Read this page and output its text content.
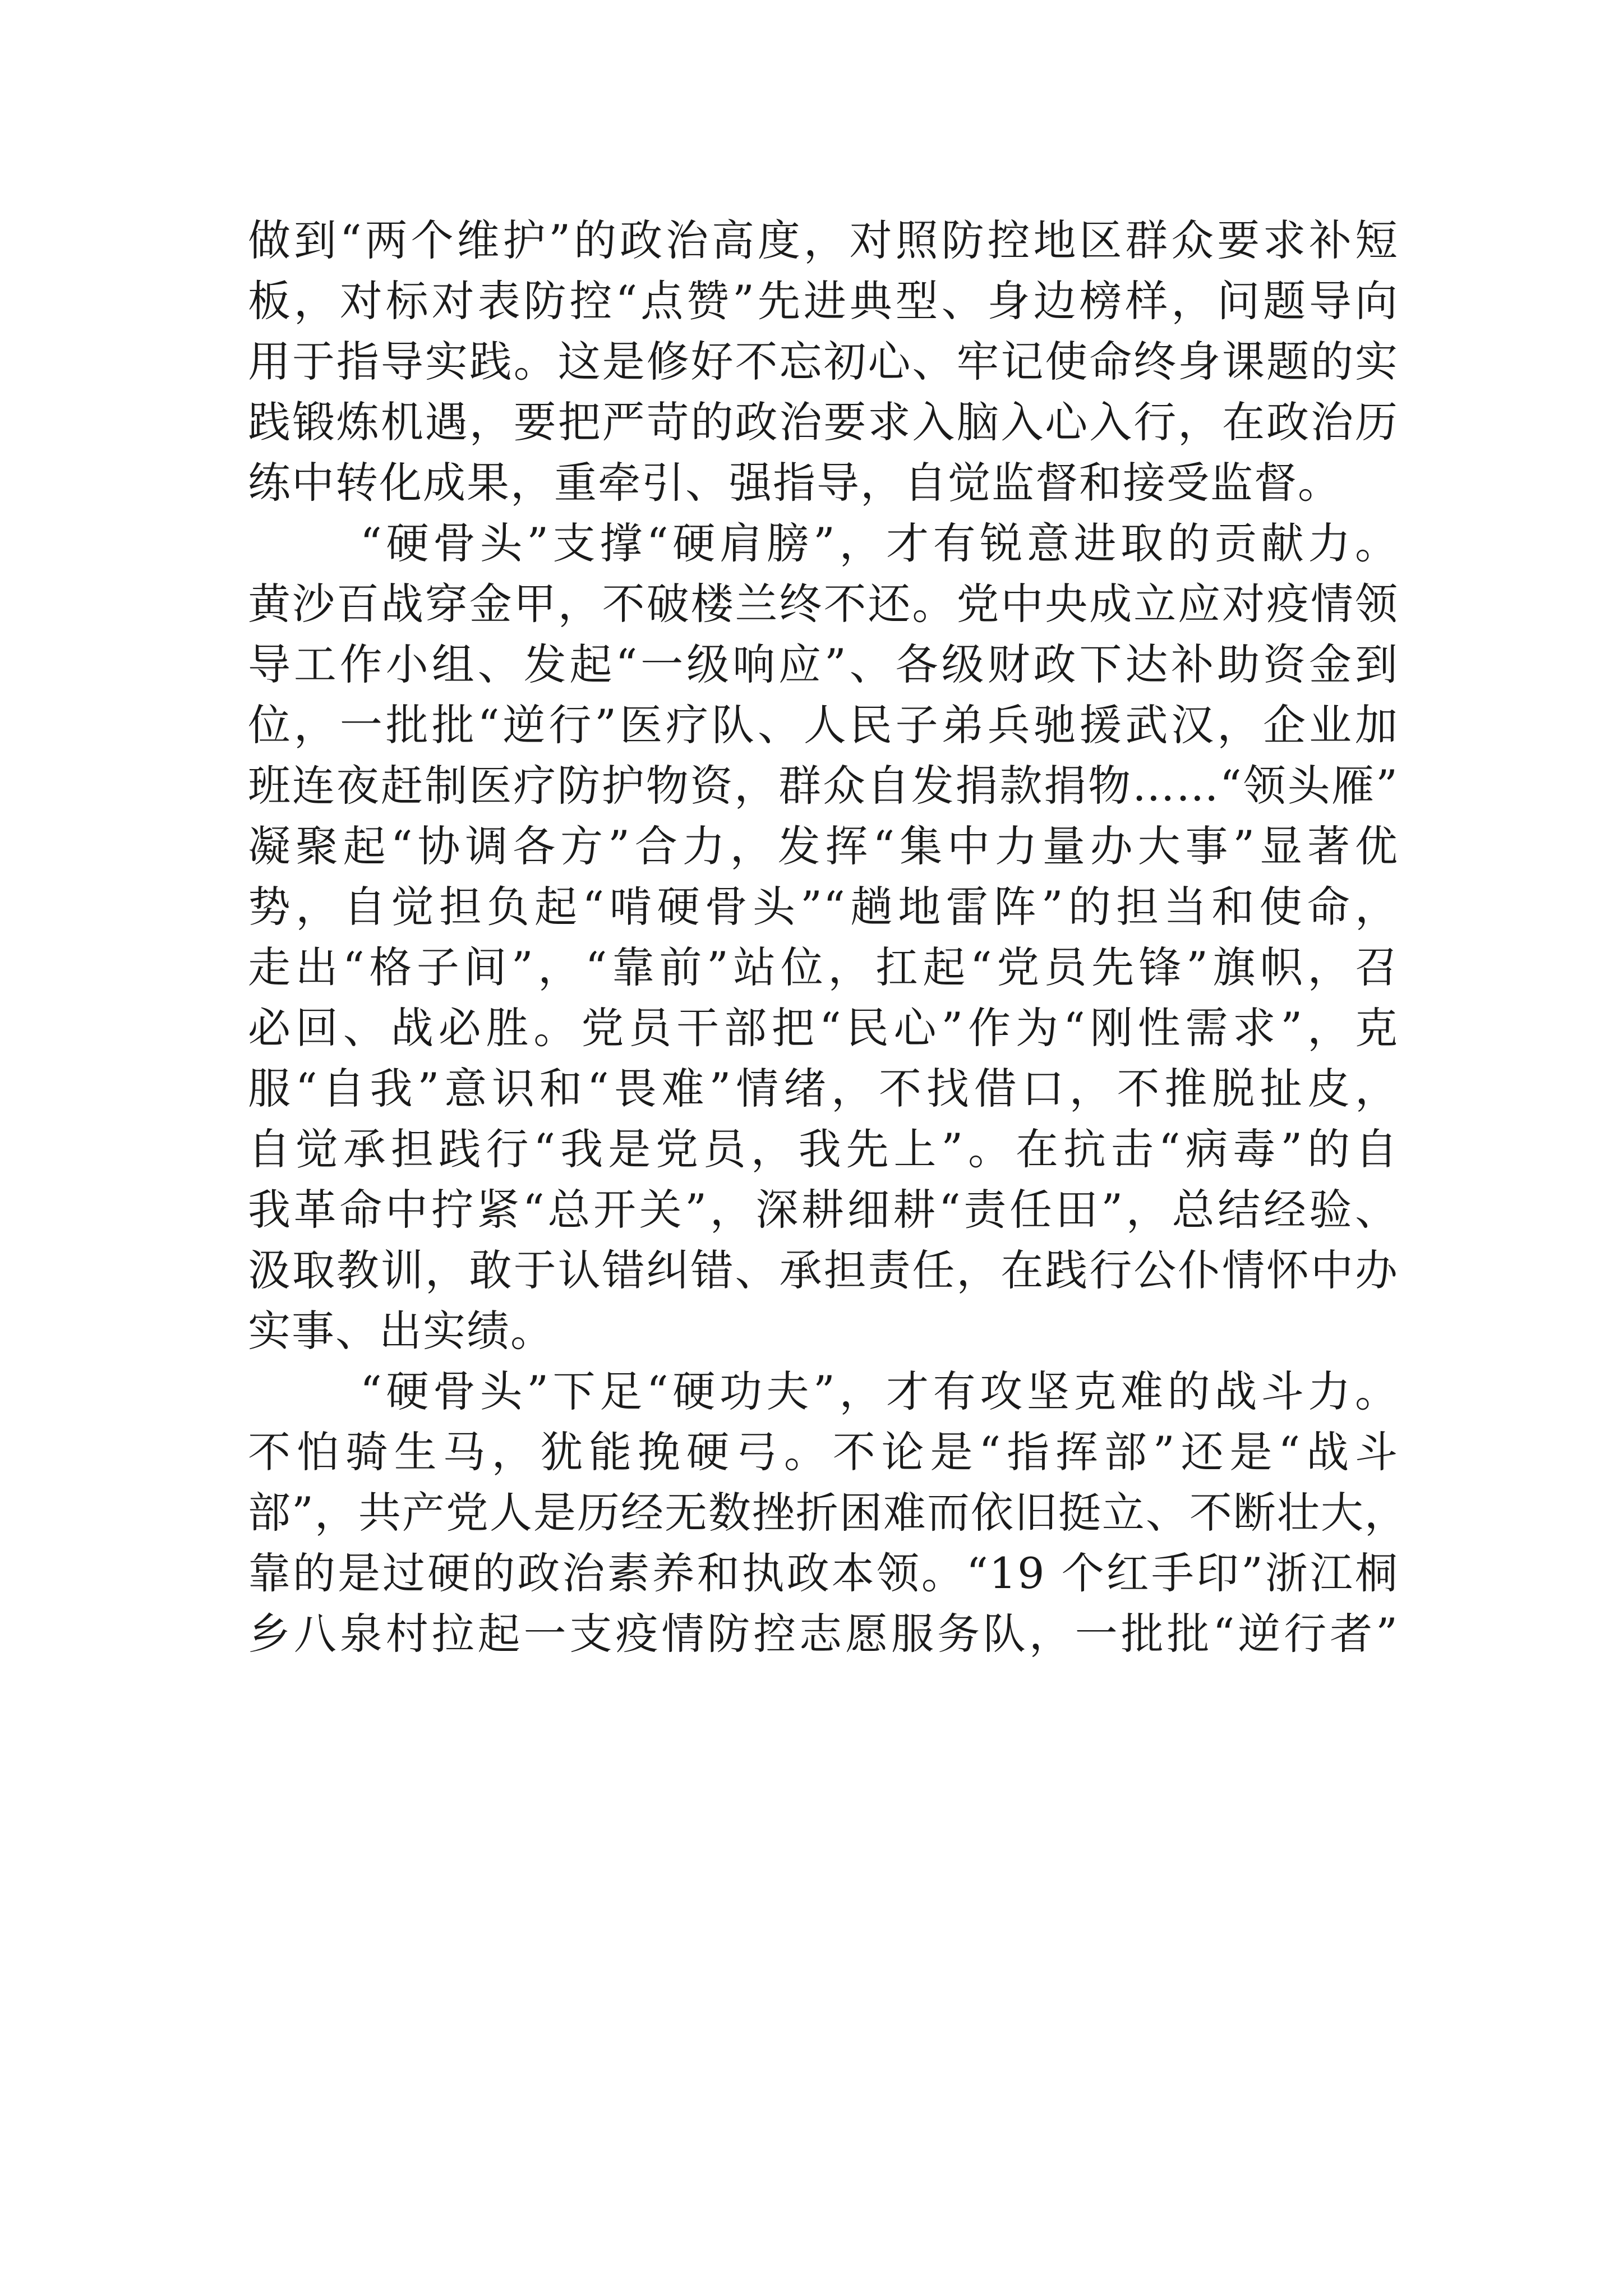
做到“两个维护”的政治高度，对照防控地区群众要求补短
板，对标对表防控“点赞”先进典型、身边榜样，问题导向
用于指导实践。这是修好不忘初心、牢记使命终身课题的实
践锻炼机遇，要把严苛的政治要求入脑入心入行，在政治历
练中转化成果，重牵引、强指导，自觉监督和接受监督。
“硬骨头”支撑“硬肩膀”，才有锐意进取的贡献力。
黄沙百战穿金甲，不破楼兰终不还。党中央成立应对疫情领
导工作小组、发起“一级响应”、各级财政下达补助资金到
位，一批批“逆行”医疗队、人民子弟兵驰援武汉，企业加
班连夜赶制医疗防护物资，群众自发捐款捐物……“领头雁”
凝聚起“协调各方”合力，发挥“集中力量办大事”显著优
势，自觉担负起“啃硬骨头”“趟地雷阵”的担当和使命，
走出“格子间”，“靠前”站位，扛起“党员先锋”旗帜，召
必回、战必胜。党员干部把“民心”作为“刚性需求”，克
服“自我”意识和“畏难”情绪，不找借口，不推脱扯皮，
自觉承担践行“我是党员，我先上”。在抗击“病毒”的自
我革命中拧紧“总开关”，深耕细耕“责任田”，总结经验、
汲取教训，敢于认错纠错、承担责任，在践行公仆情怀中办
实事、出实绩。
“硬骨头”下足“硬功夫”，才有攻坚克难的战斗力。
不怕骑生马，犹能挽硬弓。不论是“指挥部”还是“战斗
部”，共产党人是历经无数挫折困难而依旧挺立、不断壮大，
靠的是过硬的政治素养和执政本领。“19 个红手印”浙江桐
乡八泉村拉起一支疫情防控志愿服务队，一批批“逆行者”
